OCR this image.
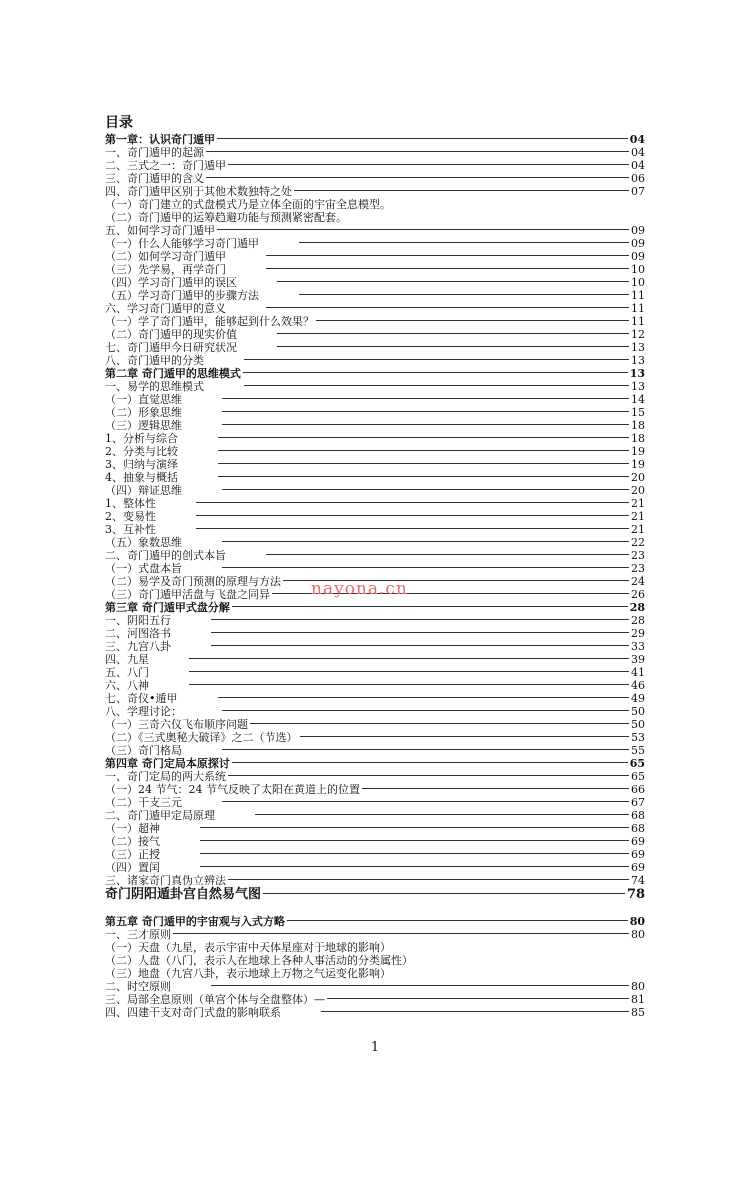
目录
第一章：认识奇门遁甲	04
一、奇门遁甲的起源	04
二、三式之一：奇门遁甲	04
三、奇门遁甲的含义	06
四、奇门遁甲区别于其他术数独特之处	07
（一）奇门建立的式盘模式乃是立体全面的宇宙全息模型。
（二）奇门遁甲的运筹趋避功能与预测紧密配套。
五、如何学习奇门遁甲	09
（一）什么人能够学习奇门遁甲	09
（二）如何学习奇门遁甲	09
（三）先学易，再学奇门	10
（四）学习奇门遁甲的误区	10
（五）学习奇门遁甲的步骤方法	11
六、学习奇门遁甲的意义	11
（一）学了奇门遁甲，能够起到什么效果？	11
（二）奇门遁甲的现实价值	12
七、奇门遁甲今日研究状况	13
八、奇门遁甲的分类	13
第二章 奇门遁甲的思维模式	13
一、易学的思维模式	13
（一）直觉思维	14
（二）形象思维	15
（三）逻辑思维	18
1、分析与综合	18
2、分类与比较	19
3、归纳与演绎	19
4、抽象与概括	20
（四）辩证思维	20
1、整体性	21
2、变易性	21
3、互补性	21
（五）象数思维	22
二、奇门遁甲的创式本旨	23
（一）式盘本旨	23
（二）易学及奇门预测的原理与方法	24
（三）奇门遁甲活盘与飞盘之同异	26
第三章 奇门遁甲式盘分解	28
一、阴阳五行	28
二、河图洛书	29
三、九宫八卦	33
四、九星	39
五、八门	41
六、八神	46
七、奇仪•遁甲	49
八、学理讨论：	50
（一）三奇六仪飞布顺序问题	50
（二）《三式奥秘大破译》之二（节选）	53
（三）奇门格局	55
第四章 奇门定局本原探讨	65
一、奇门定局的两大系统	65
（一）24 节气：24 节气反映了太阳在黄道上的位置	66
（二）干支三元	67
二、奇门遁甲定局原理	68
（一）超神	68
（二）接气	69
（三）正授	69
（四）置闰	69
三、诸家奇门真伪立辨法	74
奇门阴阳遁卦宫自然易气图	78
第五章 奇门遁甲的宇宙观与入式方略	80
一、三才原则	80
（一）天盘（九星，表示宇宙中天体星座对于地球的影响）
（二）人盘（八门，表示人在地球上各种人事活动的分类属性）
（三）地盘（九宫八卦，表示地球上万物之气运变化影响）
二、时空原则	80
三、局部全息原则（单宫个体与全盘整体）—	81
四、四建干支对奇门式盘的影响联系	85
nayona.cn
1
